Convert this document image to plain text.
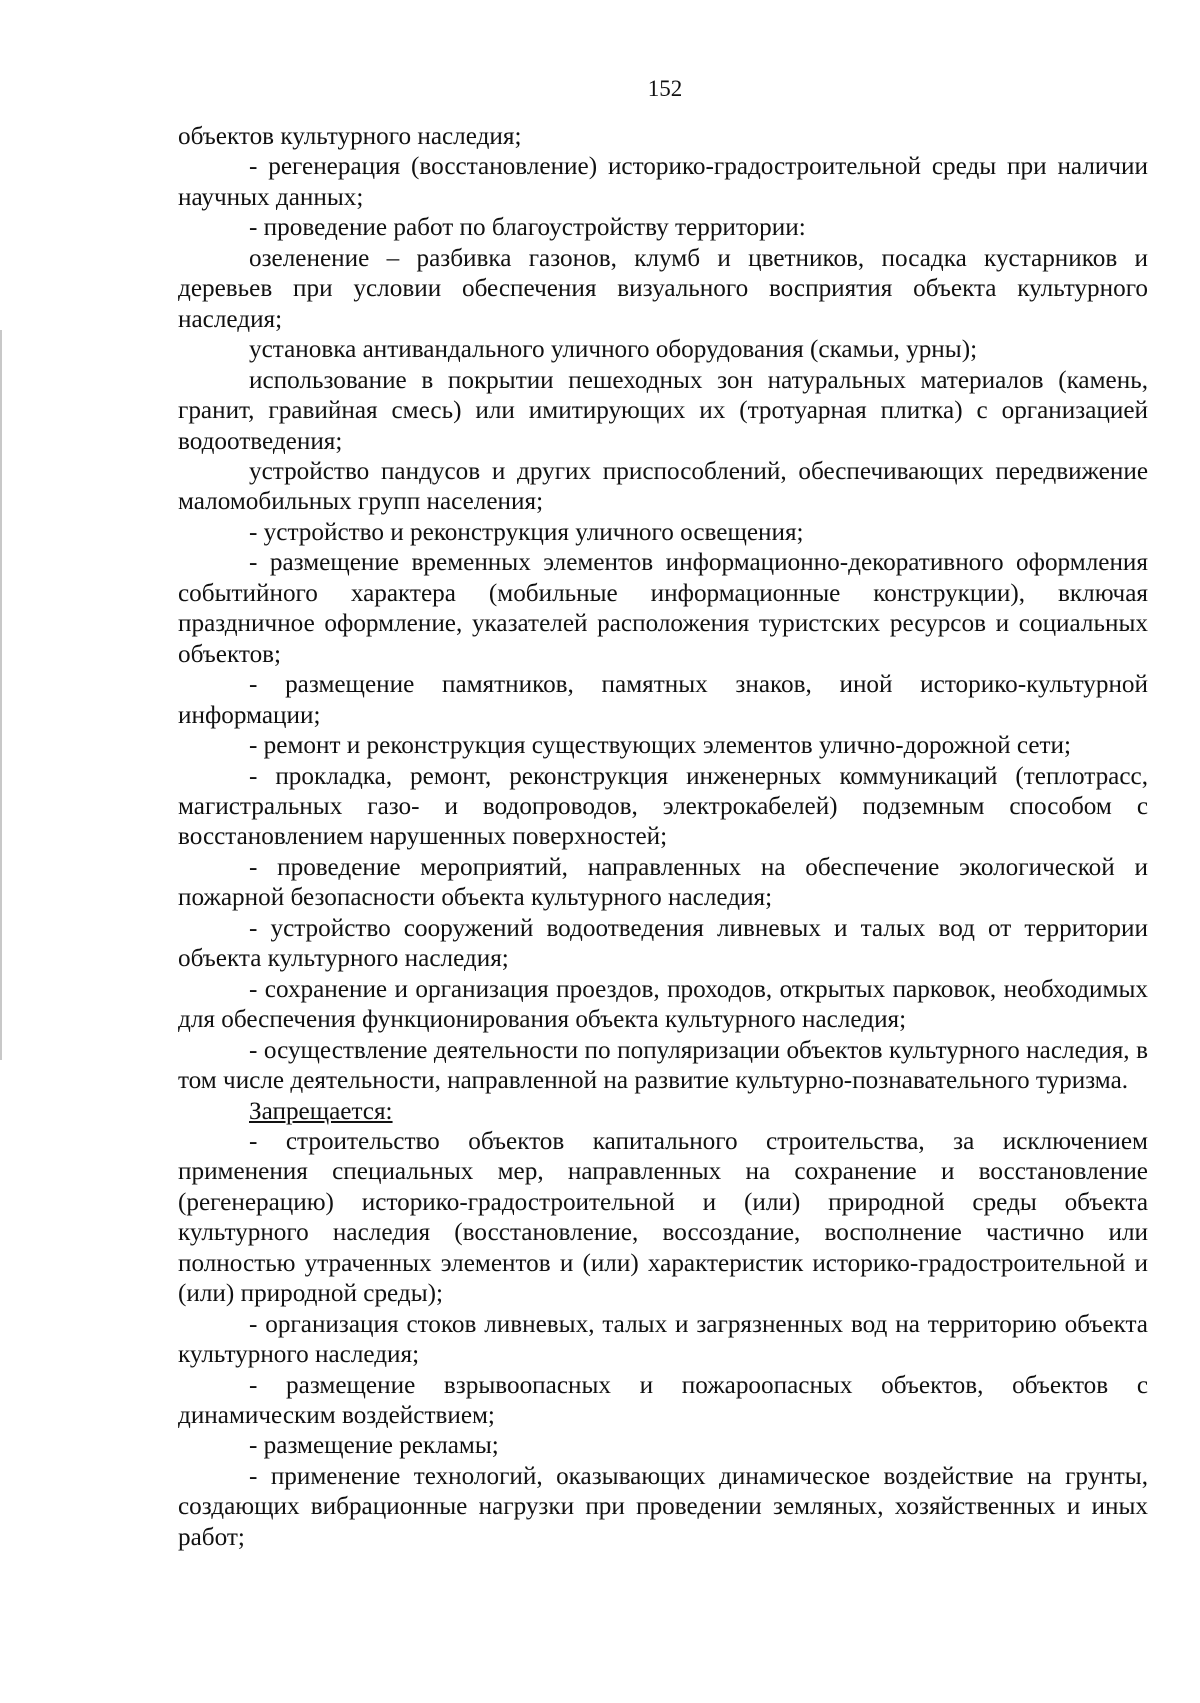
152

объектов культурного наследия;

- регенерация (восстановление) историко-градостроительной среды при наличии научных данных;

- проведение работ по благоустройству территории:

озеленение – разбивка газонов, клумб и цветников, посадка кустарников и деревьев при условии обеспечения визуального восприятия объекта культурного наследия;

установка антивандального уличного оборудования (скамьи, урны);

использование в покрытии пешеходных зон натуральных материалов (камень, гранит, гравийная смесь) или имитирующих их (тротуарная плитка) с организацией водоотведения;

устройство пандусов и других приспособлений, обеспечивающих передвижение маломобильных групп населения;

- устройство и реконструкция уличного освещения;

- размещение временных элементов информационно-декоративного оформления событийного характера (мобильные информационные конструкции), включая праздничное оформление, указателей расположения туристских ресурсов и социальных объектов;

- размещение памятников, памятных знаков, иной историко-культурной информации;

- ремонт и реконструкция существующих элементов улично-дорожной сети;

- прокладка, ремонт, реконструкция инженерных коммуникаций (теплотрасс, магистральных газо- и водопроводов, электрокабелей) подземным способом с восстановлением нарушенных поверхностей;

- проведение мероприятий, направленных на обеспечение экологической и пожарной безопасности объекта культурного наследия;

- устройство сооружений водоотведения ливневых и талых вод от территории объекта культурного наследия;

- сохранение и организация проездов, проходов, открытых парковок, необходимых для обеспечения функционирования объекта культурного наследия;

- осуществление деятельности по популяризации объектов культурного наследия, в том числе деятельности, направленной на развитие культурно-познавательного туризма.

Запрещается:

- строительство объектов капитального строительства, за исключением применения специальных мер, направленных на сохранение и восстановление (регенерацию) историко-градостроительной и (или) природной среды объекта культурного наследия (восстановление, воссоздание, восполнение частично или полностью утраченных элементов и (или) характеристик историко-градостроительной и (или) природной среды);

- организация стоков ливневых, талых и загрязненных вод на территорию объекта культурного наследия;

- размещение взрывоопасных и пожароопасных объектов, объектов с динамическим воздействием;

- размещение рекламы;

- применение технологий, оказывающих динамическое воздействие на грунты, создающих вибрационные нагрузки при проведении земляных, хозяйственных и иных работ;
